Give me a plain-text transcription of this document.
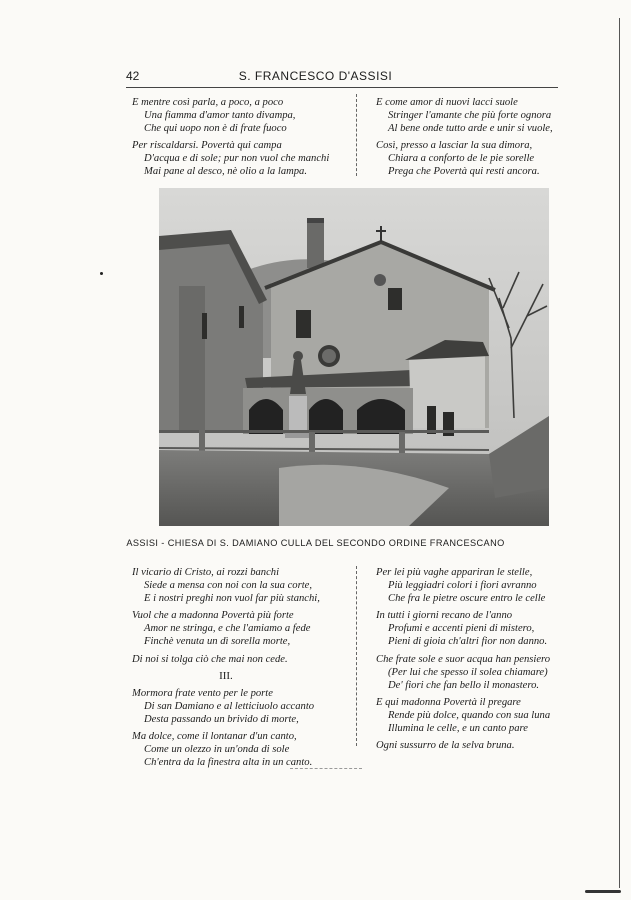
42	S. FRANCESCO D'ASSISI
E mentre così parla, a poco, a poco
Una fiamma d'amor tanto divampa,
Che qui uopo non è di frate fuoco
Per riscaldarsi. Povertà qui campa
D'acqua e di sole; pur non vuol che manchi
Mai pane al desco, nè olio a la lampa.
E come amor di nuovi lacci suole
Stringer l'amante che più forte ognora
Al bene onde tutto arde e unir si vuole,
Così, presso a lasciar la sua dimora,
Chiara a conforto de le pie sorelle
Prega che Povertà qui resti ancora.
ASSISI - CHIESA DI S. DAMIANO CULLA DEL SECONDO ORDINE FRANCESCANO
Il vicario di Cristo, ai rozzi banchi
Siede a mensa con noi con la sua corte,
E i nostri preghi non vuol far più stanchi,
Vuol che a madonna Povertà più forte
Amor ne stringa, e che l'amiamo a fede
Finchè venuta un dì sorella morte,
Di noi si tolga ciò che mai non cede.
III.
Mormora frate vento per le porte
Di san Damiano e al letticiuolo accanto
Desta passando un brivido di morte,
Ma dolce, come il lontanar d'un canto,
Come un olezzo in un'onda di sole
Ch'entra da la finestra alta in un canto.
Per lei più vaghe appariran le stelle,
Più leggiadri colori i fiori avranno
Che fra le pietre oscure entro le celle
In tutti i giorni recano de l'anno
Profumi e accenti pieni di mistero,
Pieni di gioia ch'altri fior non danno.
Che frate sole e suor acqua han pensiero
(Per lui che spesso il solea chiamare)
De' fiori che fan bello il monastero.
E qui madonna Povertà il pregare
Rende più dolce, quando con sua luna
Illumina le celle, e un canto pare
Ogni sussurro de la selva bruna.
